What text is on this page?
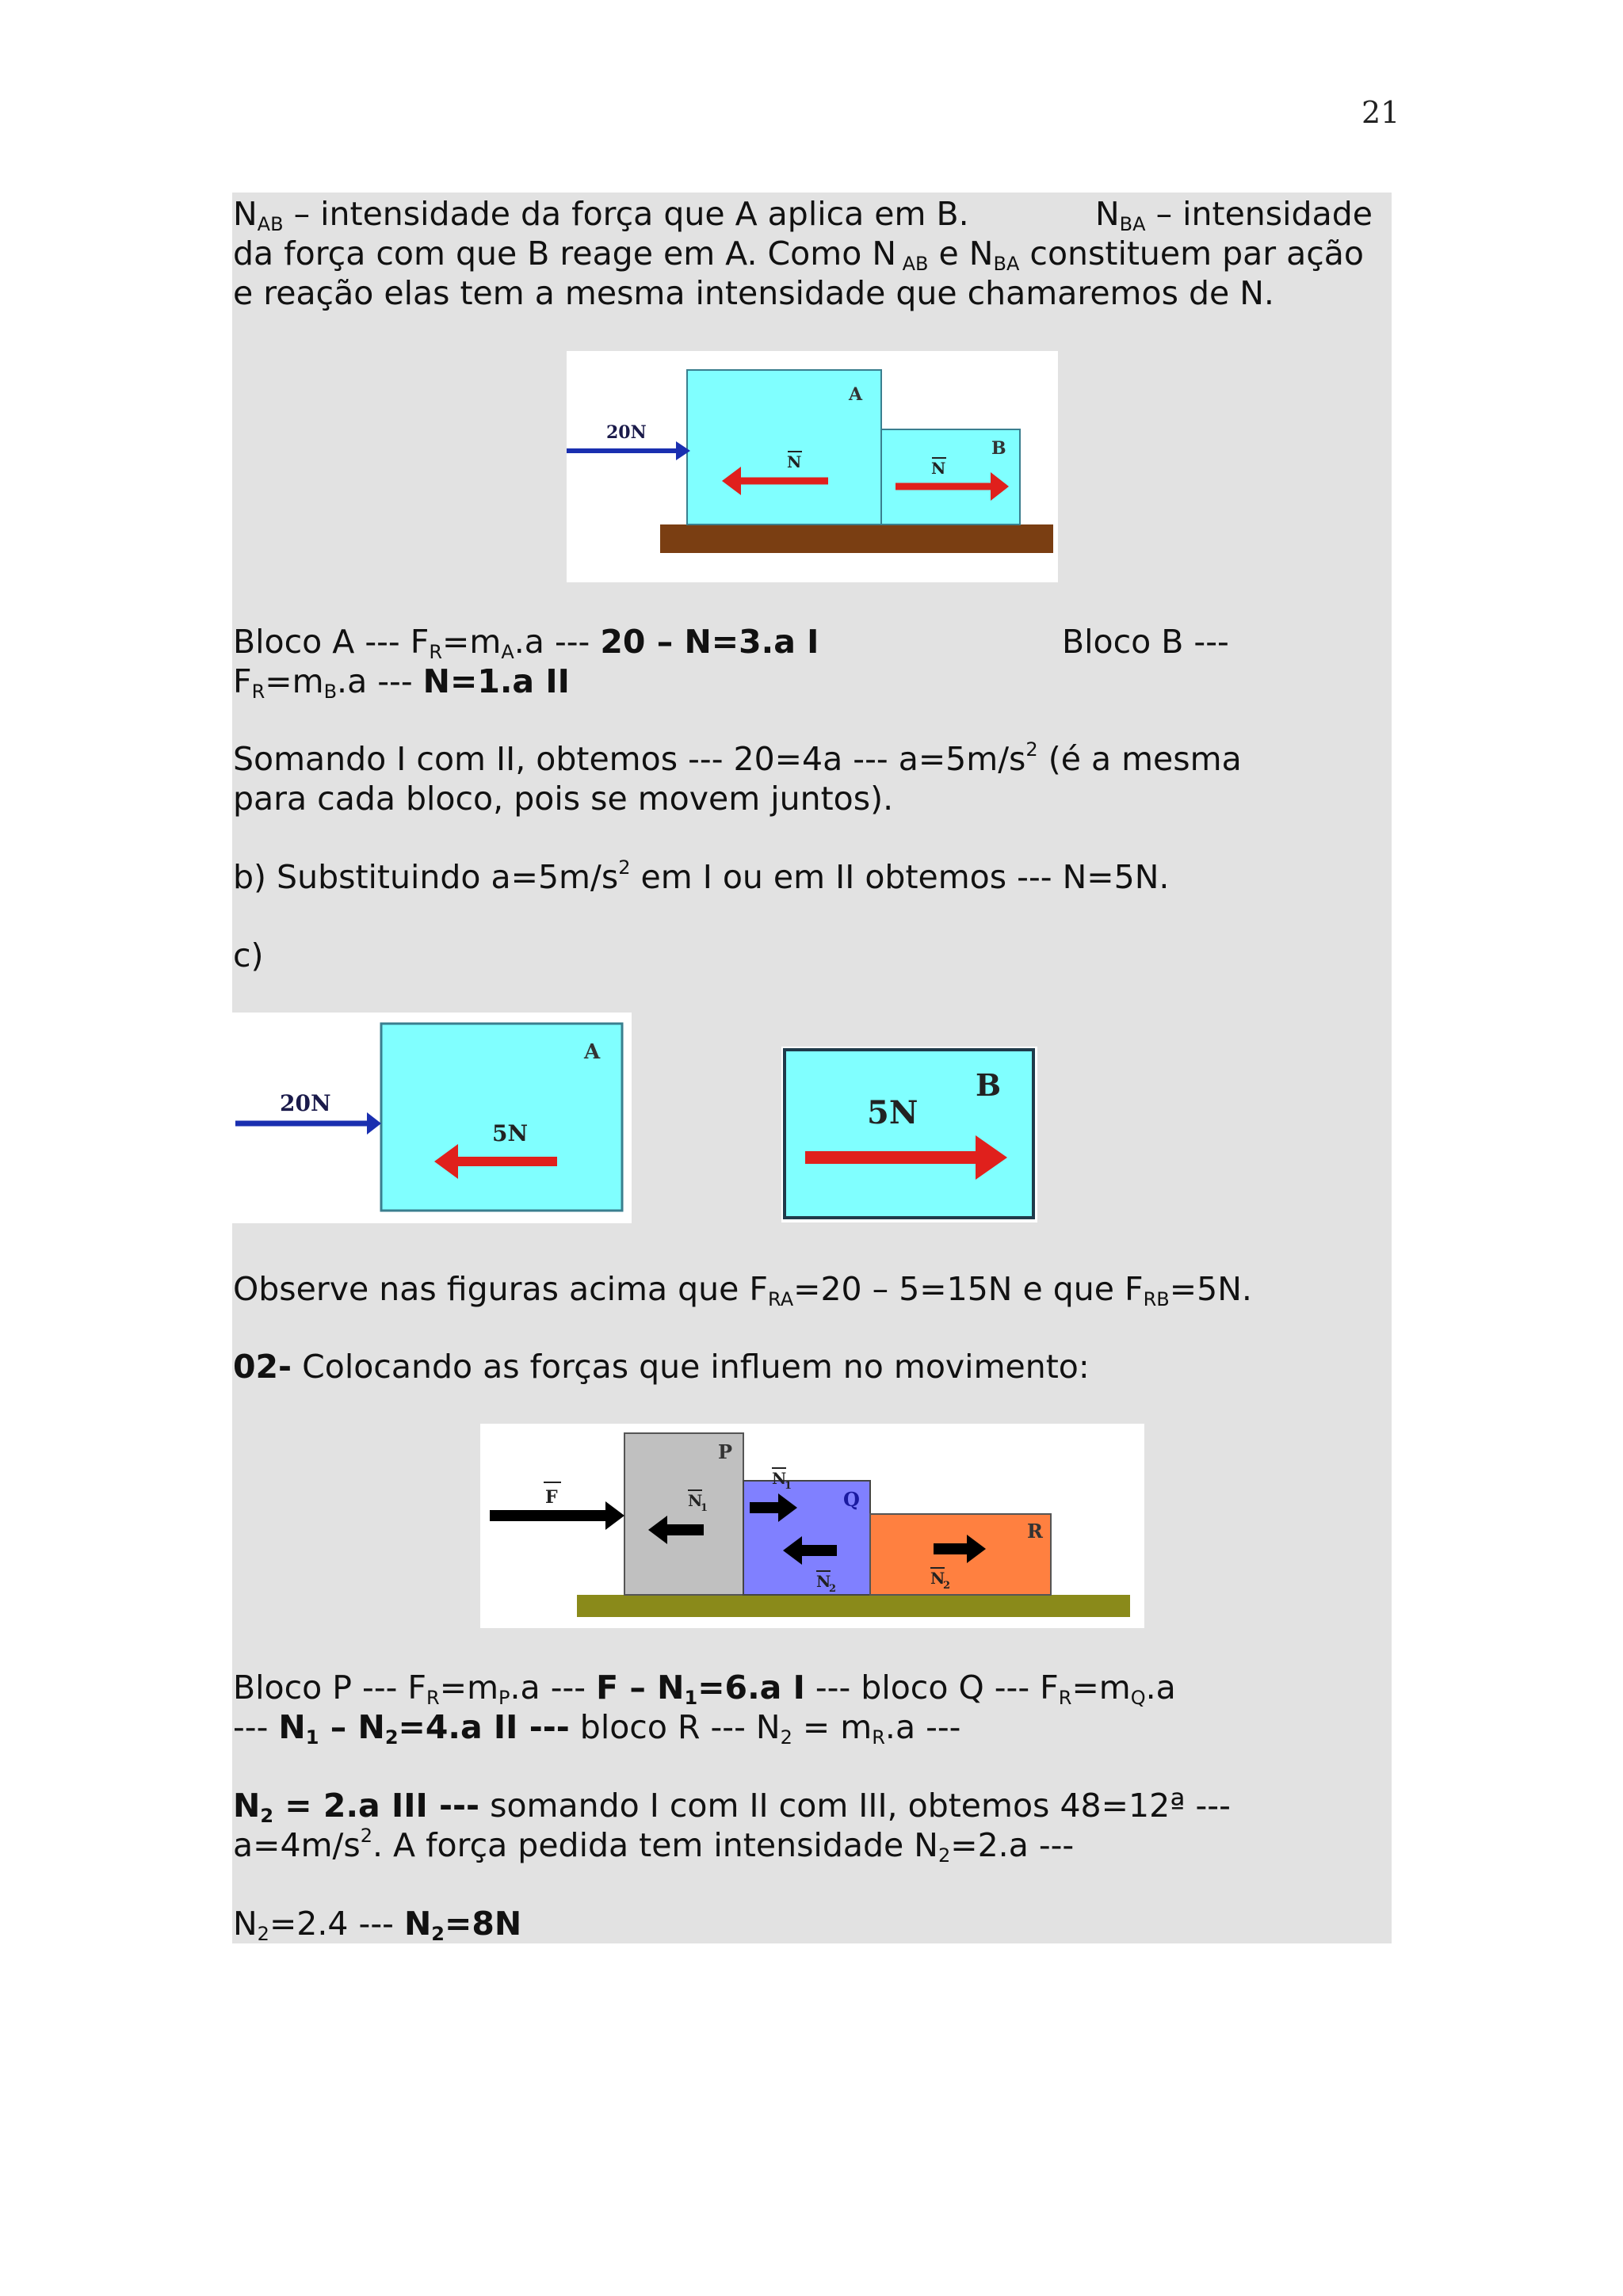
21
$N_{AB}$ – intensidade da força que A aplica em B.	$N_{BA}$ – intensidade
da força com que B reage em A. Como N $_{AB}$ e $N_{BA}$ constituem par ação
e reação elas tem a mesma intensidade que chamaremos de N.
20N
A
B
N	N
Bloco A --- $F_R=m_A.a$ --- 20 – N=3.a I	Bloco B ---
$F_R=m_B.a$ --- N=1.a II
Somando I com II, obtemos --- 20=4a --- $a=5m/s^2$ (é a mesma
para cada bloco, pois se movem juntos).
b) Substituindo $a=5m/s^2$ em I ou em II obtemos --- N=5N.
c)
20N
A
5N
B
5N
Observe nas figuras acima que $F_{RA}=20 - 5=15N$ e que $F_{RB}=5N$.
02- Colocando as forças que influem no movimento:
P
Q
R
F	N
1
N
1
N
2
N
2
Bloco P --- $F_R=m_P.a$ --- $F - N_1=6.a$ I --- bloco Q --- $F_R=m_Q.a$
--- $N_1 - N_2=4.a$ II --- bloco R --- $N_2 = m_R.a$ ---
$N_2 = 2.a$ III --- somando I com II com III, obtemos 48=12ª ---
$a=4m/s^2$. A força pedida tem intensidade $N_2=2.a$ ---
$N_2=2.4$ --- $N_2=8N$
